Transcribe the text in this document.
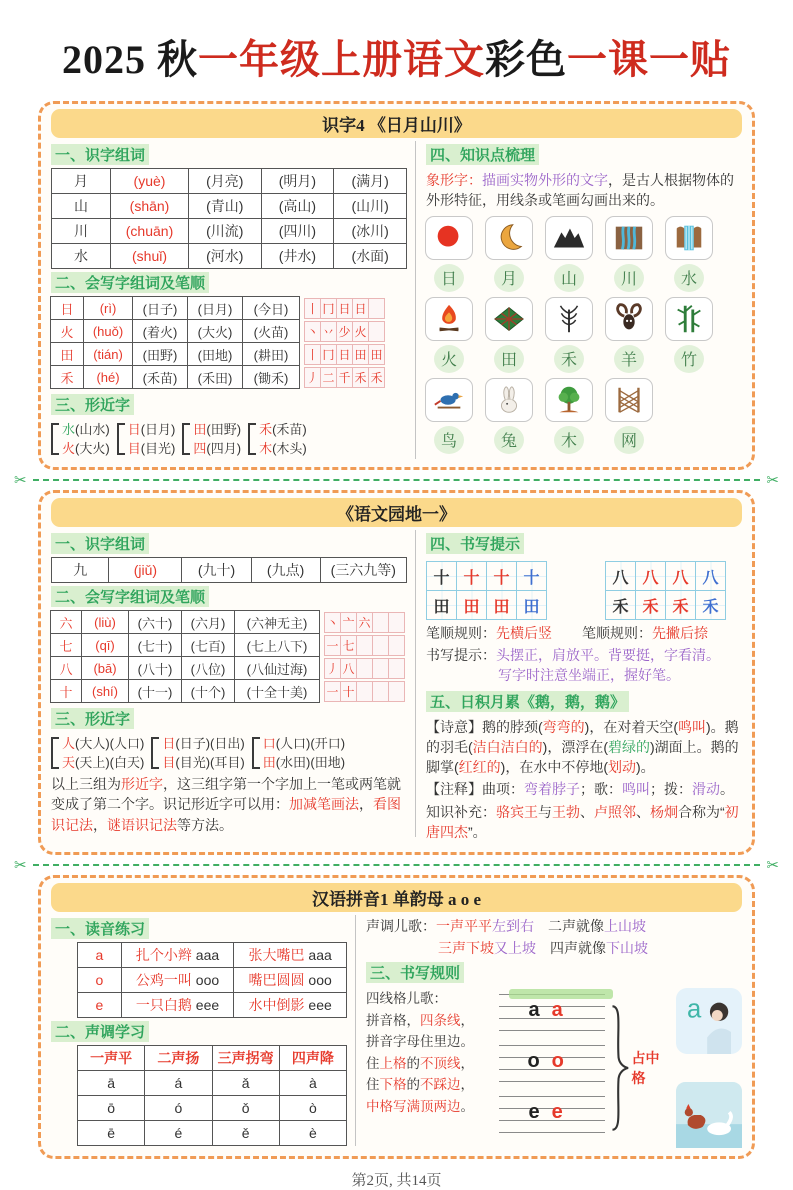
2025 秋一年级上册语文彩色一课一贴
识字4 《日月山川》
一、识字组词
月	(yuè)	(月亮)	(明月)	(满月)
山	(shān)	(青山)	(高山)	(山川)
川	(chuān)	(川流)	(四川)	(冰川)
水	(shuǐ)	(河水)	(井水)	(水面)
二、会写字组词及笔顺
日	(rì)	(日子)	(日月)	(今日)	丨 冂 日 日
火	(huǒ)	(着火)	(大火)	(火苗)	丶 丷 少 火
田	(tián)	(田野)	(田地)	(耕田)	丨 冂 日 田 田
禾	(hé)	(禾苗)	(禾田)	(锄禾)	丿 二 千 禾 禾
三、形近字
水(山水)
火(大火)
日(日月)
目(目光)
田(田野)
四(四月)
禾(禾苗)
木(木头)
四、知识点梳理

象形字：描画实物外形的文字，是古人根据物体的外形特征，用线条或笔画勾画出来的。

日	月	山	川	水
火	田	禾	羊	竹
鸟	兔	木	网
✂	✂
《语文园地一》
一、识字组词
九	(jiǔ)	(九十)	(九点)	(三六九等)
二、会写字组词及笔顺
六	(liù)	(六十)	(六月)	(六神无主)	丶 亠 六
七	(qī)	(七十)	(七百)	(七上八下)	一 七
八	(bā)	(八十)	(八位)	(八仙过海)	丿 八
十	(shí)	(十一)	(十个)	(十全十美)	一 十
三、形近字
人(大人)(人口)
天(天上)(白天)
日(日子)(日出)
目(目光)(耳目)
口(人口)(开口)
田(水田)(田地)

以上三组为形近字，这三组字第一个字加上一笔或两笔就变成了第二个字。识记形近字可以用：加减笔画法，看图识记法，谜语识记法等方法。

四、书写提示
十	十	十	十
田	田	田	田
八	八	八	八
禾	禾	禾	禾
笔顺规则：先横后竖 笔顺规则：先撇后捺

书写提示：头摆正，肩放平。背要挺，字看清。

写字时注意坐端正，握好笔。

五、日积月累《鹅，鹅，鹅》

【诗意】鹅的脖颈(弯弯的)，在对着天空(鸣叫)。鹅的羽毛(洁白洁白的)，漂浮在(碧绿的)湖面上。鹅的脚掌(红红的)，在水中不停地(划动)。

【注释】曲项：弯着脖子；歌：鸣叫；拨：滑动。

知识补充：骆宾王与王勃、卢照邻、杨炯合称为“初唐四杰”。

✂	✂
汉语拼音1 单韵母 a o e
一、读音练习
a	扎个小辫 aaa	张大嘴巴 aaa
o	公鸡一叫 ooo	嘴巴圆圆 ooo
e	一只白鹅 eee	水中倒影 eee
二、声调学习
一声平	二声扬	三声拐弯	四声降
ā	á	ǎ	à
ō	ó	ǒ	ò
ē	é	ě	è
声调儿歌：一声平平左到右　 二声就像上山坡
三声下坡又上坡　 四声就像下山坡
三、书写规则
四线格儿歌：
拼音格，四条线，
拼音字母住里边。
住上格的不顶线，
住下格的不踩边，
中格写满顶两边。
aa
oo
ee
占中格
a
第2页, 共14页
